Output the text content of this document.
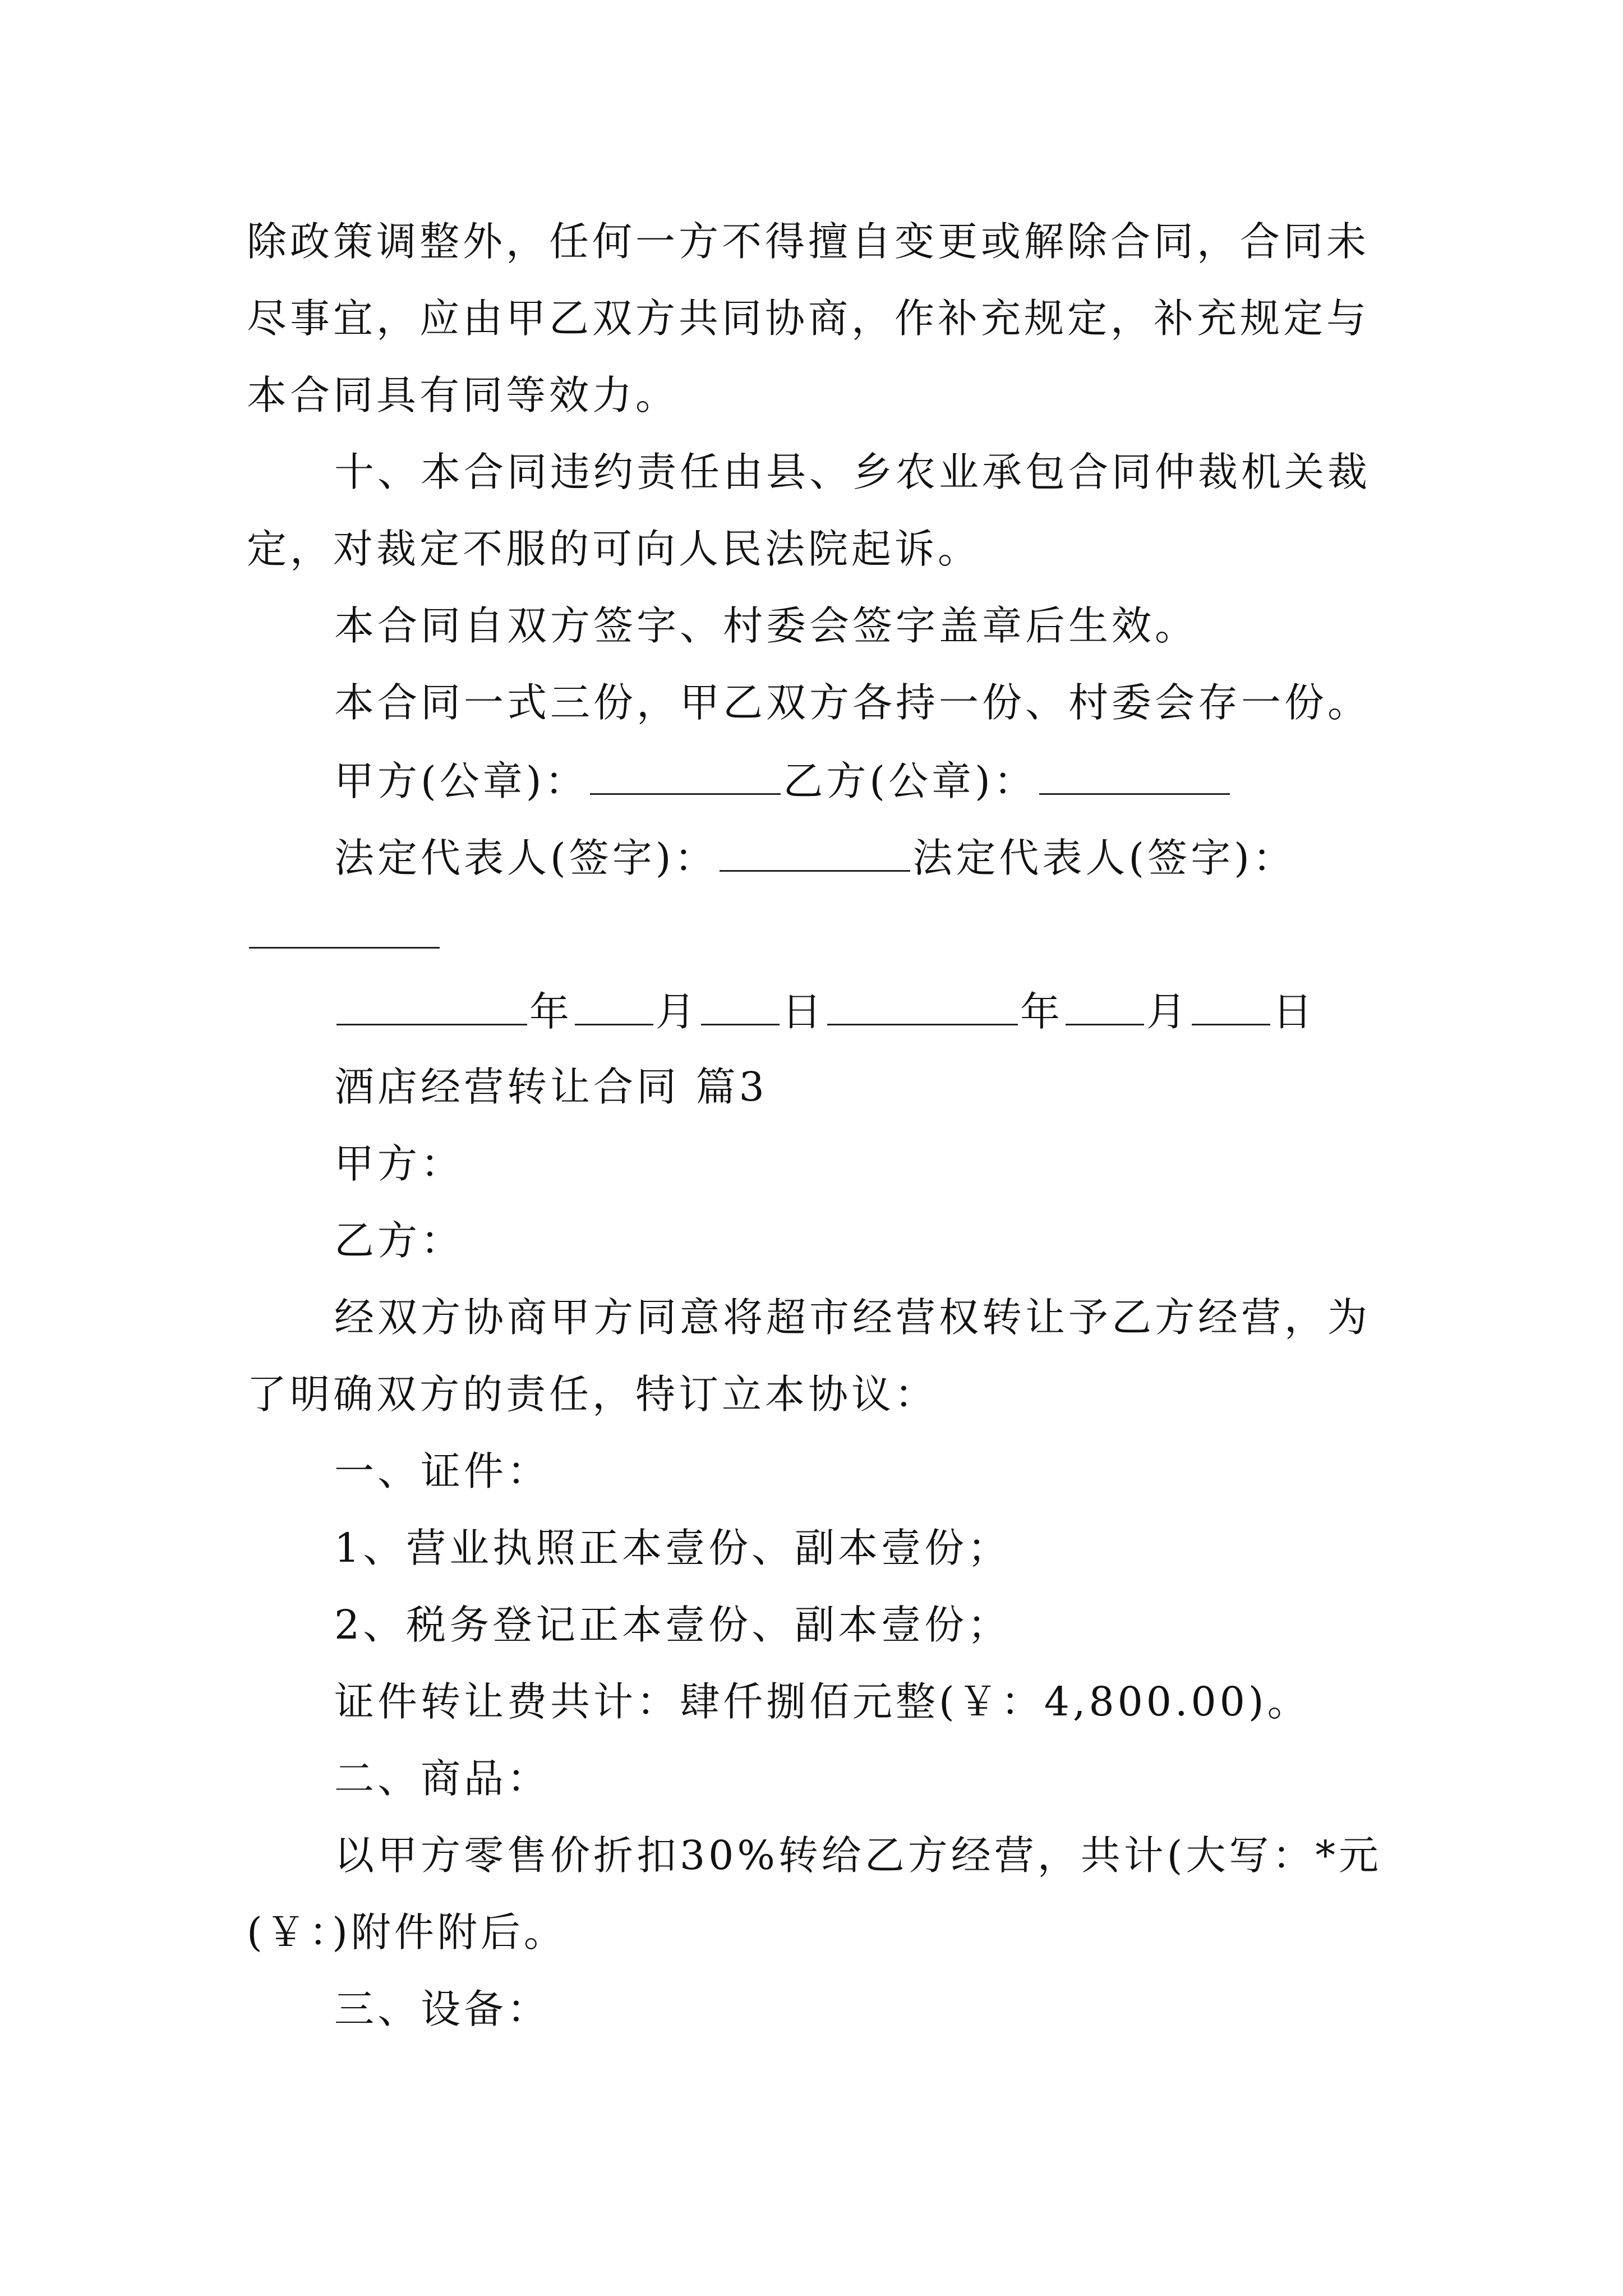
除政策调整外，任何一方不得擅自变更或解除合同，合同未
尽事宜，应由甲乙双方共同协商，作补充规定，补充规定与
本合同具有同等效力。
十、本合同违约责任由县、乡农业承包合同仲裁机关裁
定，对裁定不服的可向人民法院起诉。
本合同自双方签字、村委会签字盖章后生效。
本合同一式三份，甲乙双方各持一份、村委会存一份。
甲方(公章)：	乙方(公章)：
法定代表人(签字)：	法定代表人(签字)：
年 月 日	年 月 日
酒店经营转让合同 篇3
甲方：
乙方：
经双方协商甲方同意将超市经营权转让予乙方经营，为
了明确双方的责任，特订立本协议：
一、证件：
1、营业执照正本壹份、副本壹份；
2、税务登记正本壹份、副本壹份；
证件转让费共计：肆仟捌佰元整(￥：4,800.00)。
二、商品：
以甲方零售价折扣30%转给乙方经营，共计(大写：*元
(￥：)附件附后。
三、设备：
